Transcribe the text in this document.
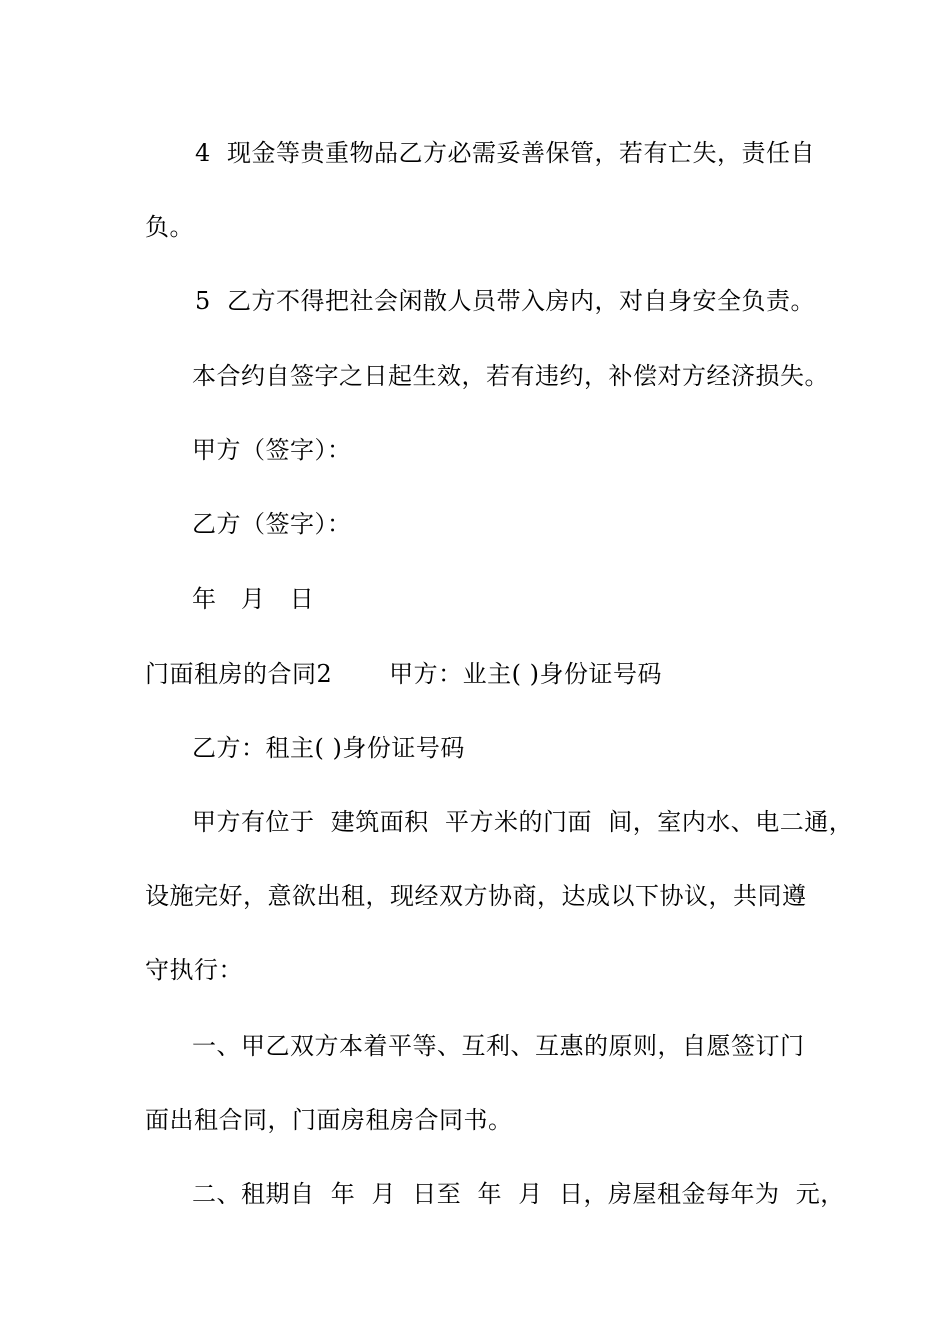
4  现金等贵重物品乙方必需妥善保管，若有亡失，责任自
负。
5  乙方不得把社会闲散人员带入房内，对自身安全负责。
本合约自签字之日起生效，若有违约，补偿对方经济损失。
甲方（签字）：
乙方（签字）：
年   月   日
门面租房的合同2       甲方：业主( )身份证号码
乙方：租主( )身份证号码
甲方有位于  建筑面积  平方米的门面  间，室内水、电二通，
设施完好，意欲出租，现经双方协商，达成以下协议，共同遵
守执行：
一、甲乙双方本着平等、互利、互惠的原则，自愿签订门
面出租合同，门面房租房合同书。
二、租期自  年  月  日至  年  月  日，房屋租金每年为  元，
